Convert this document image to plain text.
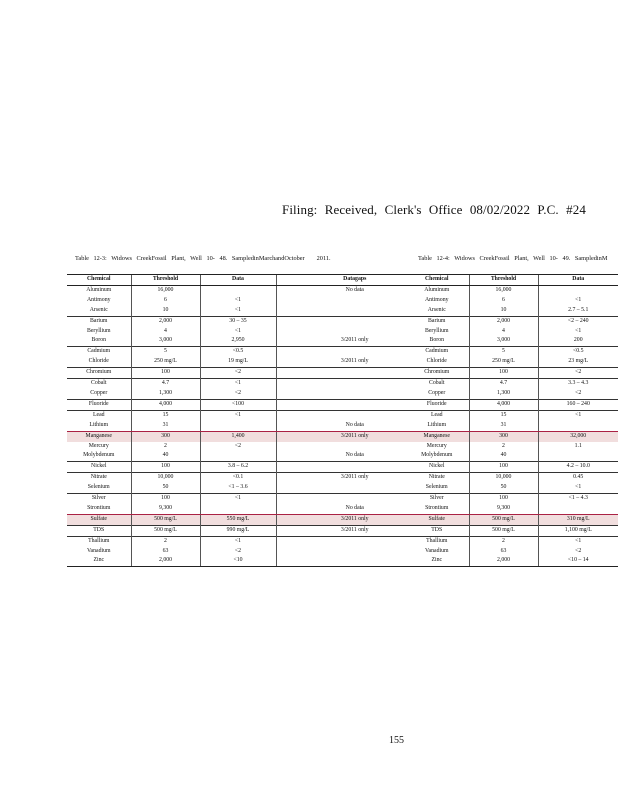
Filing: Received, Clerk's Office 08/02/2022 P.C. #24
Table 12-3: Widows CreekFossil Plant, Well 10- 48. SampledinMarchandOctober 2011.	Table 12-4: Widows CreekFossil Plant, Well 10- 49. SampledinM
Chemical	Threshold	Data	Datagaps
Aluminum	16,000		No data
Antimony	6	<1	
Arsenic	10	<1	
Barium	2,000	30 – 35	
Beryllium	4	<1	
Boron	3,000	2,950	3/2011 only
Cadmium	5	<0.5	
Chloride	250 mg/L	19 mg/L	3/2011 only
Chromium	100	<2	
Cobalt	4.7	<1	
Copper	1,300	<2	
Fluoride	4,000	<100	
Lead	15	<1	
Lithium	31		No data
Manganese	300	1,400	3/2011 only
Mercury	2	<2	
Molybdenum	40		No data
Nickel	100	3.8 – 6.2	
Nitrate	10,000	<0.1	3/2011 only
Selenium	50	<1 – 3.6	
Silver	100	<1	
Strontium	9,300		No data
Sulfate	500 mg/L	550 mg/L	3/2011 only
TDS	500 mg/L	990 mg/L	3/2011 only
Thallium	2	<1	
Vanadium	63	<2	
Zinc	2,000	<10	
Chemical	Threshold	Data
Aluminum	16,000	
Antimony	6	<1
Arsenic	10	2.7 – 5.1
Barium	2,000	<2 – 240
Beryllium	4	<1
Boron	3,000	200
Cadmium	5	<0.5
Chloride	250 mg/L	23 mg/L
Chromium	100	<2
Cobalt	4.7	3.3 – 4.3
Copper	1,300	<2
Fluoride	4,000	160 – 240
Lead	15	<1
Lithium	31	
Manganese	300	32,000
Mercury	2	1.1
Molybdenum	40	
Nickel	100	4.2 – 10.0
Nitrate	10,000	0.45
Selenium	50	<1
Silver	100	<1 – 4.3
Strontium	9,300	
Sulfate	500 mg/L	310 mg/L
TDS	500 mg/L	1,100 mg/L
Thallium	2	<1
Vanadium	63	<2
Zinc	2,000	<10 – 14
155
